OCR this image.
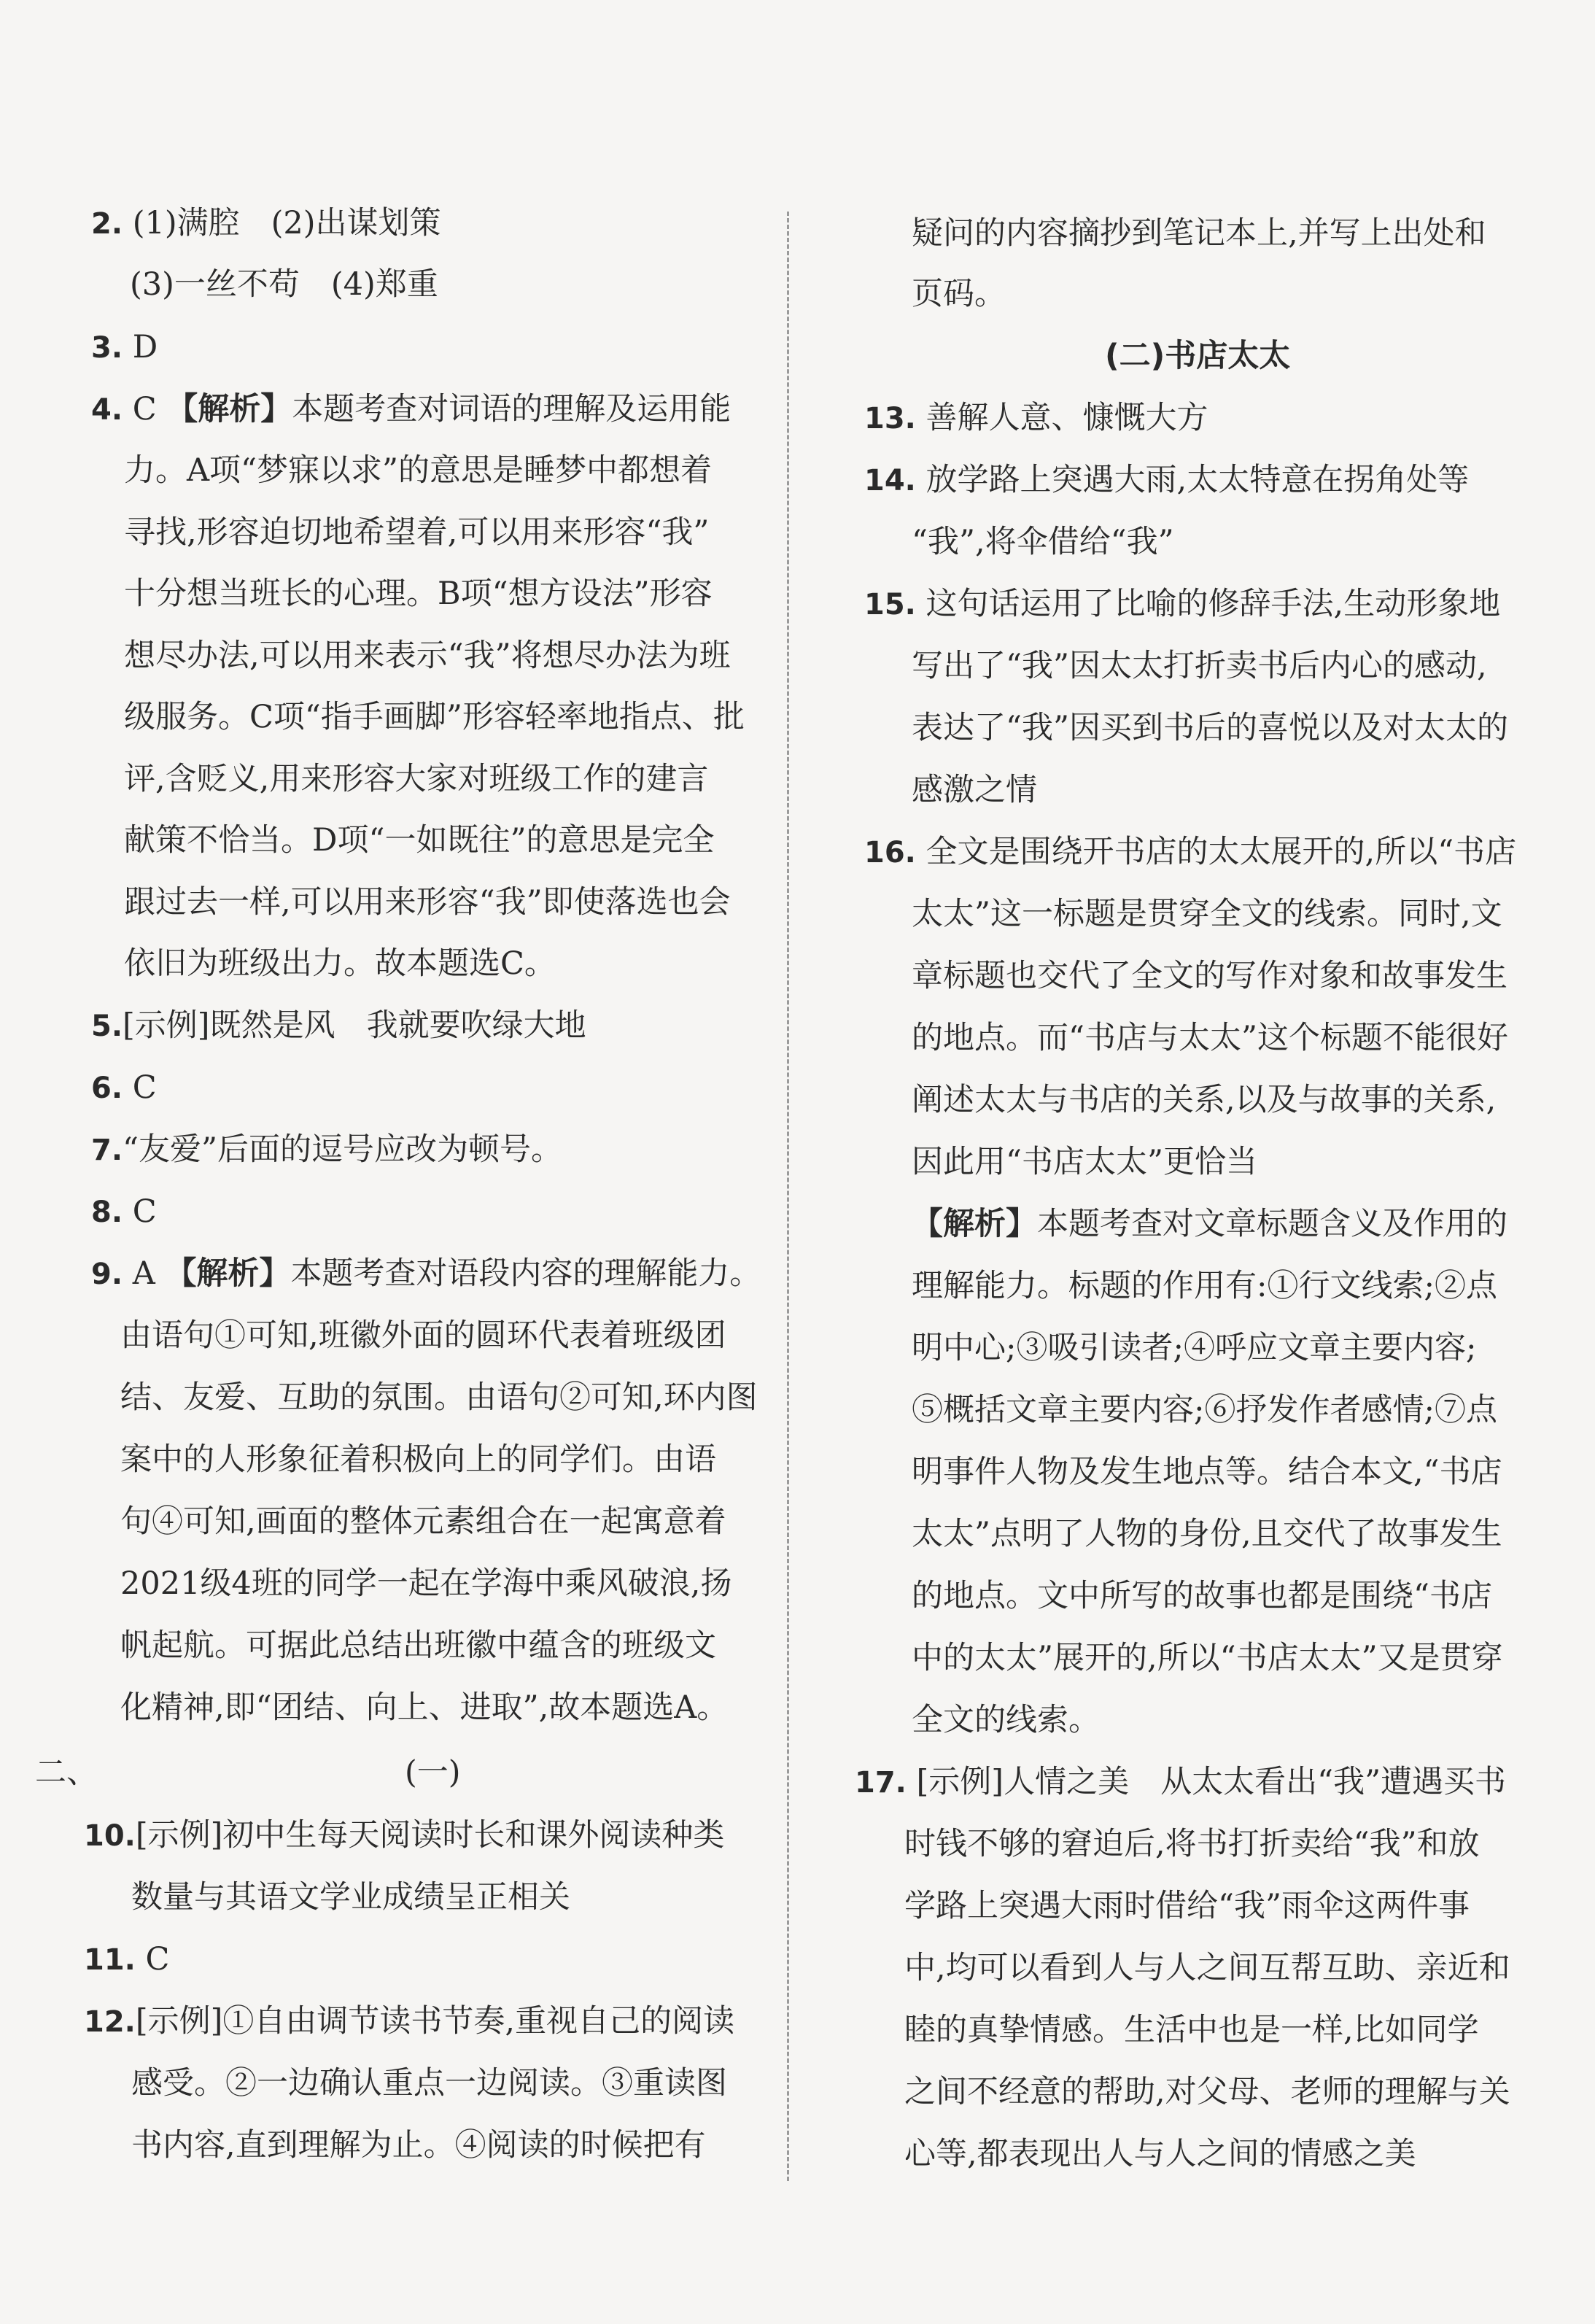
2. (1)满腔　(2)出谋划策
(3)一丝不苟　(4)郑重
3. D
4. C 【解析】本题考查对词语的理解及运用能
力。A项“梦寐以求”的意思是睡梦中都想着
寻找,形容迫切地希望着,可以用来形容“我”
十分想当班长的心理。B项“想方设法”形容
想尽办法,可以用来表示“我”将想尽办法为班
级服务。C项“指手画脚”形容轻率地指点、批
评,含贬义,用来形容大家对班级工作的建言
献策不恰当。D项“一如既往”的意思是完全
跟过去一样,可以用来形容“我”即使落选也会
依旧为班级出力。故本题选C。
5.[示例]既然是风　我就要吹绿大地
6. C
7.“友爱”后面的逗号应改为顿号。
8. C
9. A 【解析】本题考查对语段内容的理解能力。
由语句①可知,班徽外面的圆环代表着班级团
结、友爱、互助的氛围。由语句②可知,环内图
案中的人形象征着积极向上的同学们。由语
句④可知,画面的整体元素组合在一起寓意着
2021级4班的同学一起在学海中乘风破浪,扬
帆起航。可据此总结出班徽中蕴含的班级文
化精神,即“团结、向上、进取”,故本题选A。
二、	(一)
10.[示例]初中生每天阅读时长和课外阅读种类
数量与其语文学业成绩呈正相关
11. C
12.[示例]①自由调节读书节奏,重视自己的阅读
感受。②一边确认重点一边阅读。③重读图
书内容,直到理解为止。④阅读的时候把有
疑问的内容摘抄到笔记本上,并写上出处和
页码。
(二)书店太太
13. 善解人意、慷慨大方
14. 放学路上突遇大雨,太太特意在拐角处等
“我”,将伞借给“我”
15. 这句话运用了比喻的修辞手法,生动形象地
写出了“我”因太太打折卖书后内心的感动,
表达了“我”因买到书后的喜悦以及对太太的
感激之情
16. 全文是围绕开书店的太太展开的,所以“书店
太太”这一标题是贯穿全文的线索。同时,文
章标题也交代了全文的写作对象和故事发生
的地点。而“书店与太太”这个标题不能很好
阐述太太与书店的关系,以及与故事的关系,
因此用“书店太太”更恰当
【解析】本题考查对文章标题含义及作用的
理解能力。标题的作用有:①行文线索;②点
明中心;③吸引读者;④呼应文章主要内容;
⑤概括文章主要内容;⑥抒发作者感情;⑦点
明事件人物及发生地点等。结合本文,“书店
太太”点明了人物的身份,且交代了故事发生
的地点。文中所写的故事也都是围绕“书店
中的太太”展开的,所以“书店太太”又是贯穿
全文的线索。
17. [示例]人情之美　从太太看出“我”遭遇买书
时钱不够的窘迫后,将书打折卖给“我”和放
学路上突遇大雨时借给“我”雨伞这两件事
中,均可以看到人与人之间互帮互助、亲近和
睦的真挚情感。生活中也是一样,比如同学
之间不经意的帮助,对父母、老师的理解与关
心等,都表现出人与人之间的情感之美
